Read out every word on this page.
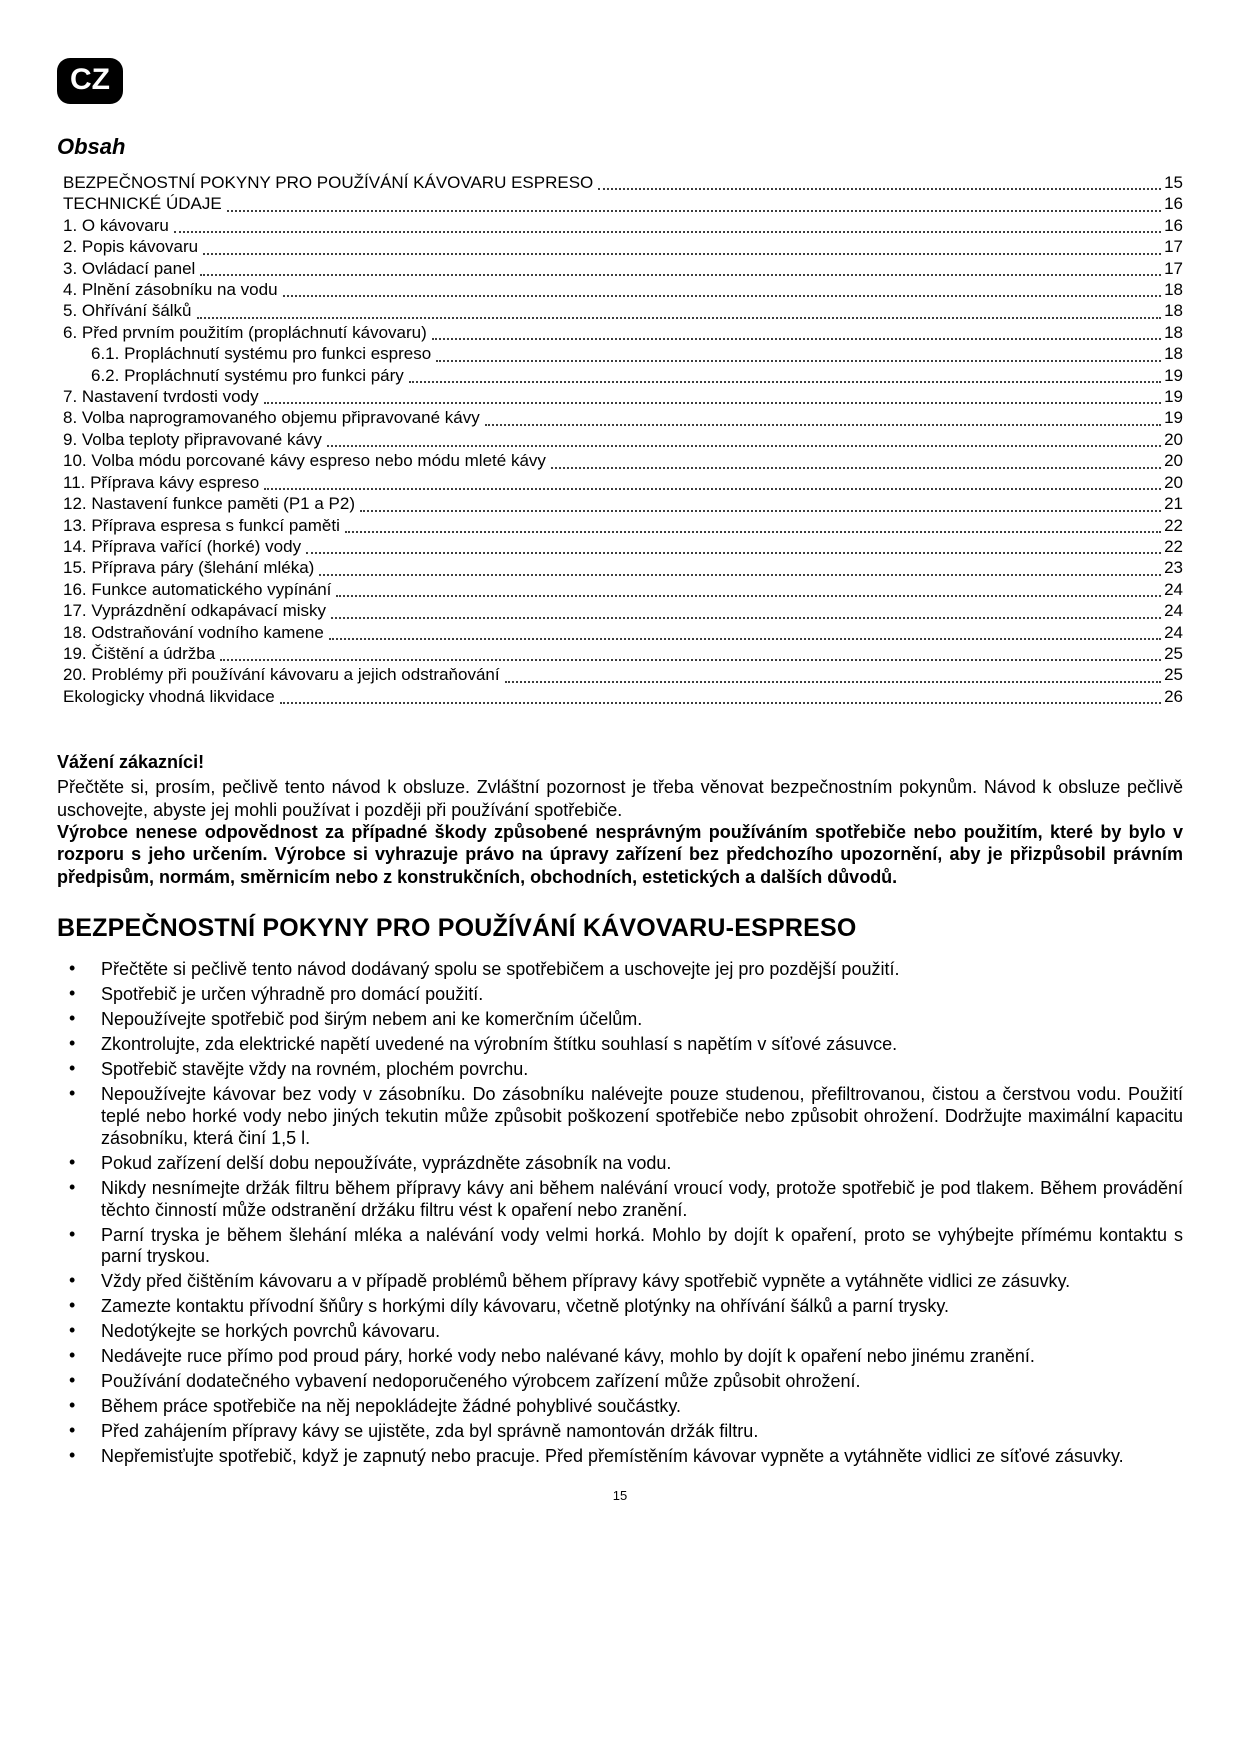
CZ
Obsah
BEZPEČNOSTNÍ POKYNY PRO POUŽÍVÁNÍ KÁVOVARU ESPRESO	15
TECHNICKÉ ÚDAJE	16
1. O kávovaru	16
2. Popis kávovaru	17
3. Ovládací panel	17
4. Plnění zásobníku na vodu	18
5. Ohřívání šálků	18
6. Před prvním použitím (propláchnutí kávovaru)	18
6.1. Propláchnutí systému pro funkci espreso	18
6.2. Propláchnutí systému pro funkci páry	19
7. Nastavení tvrdosti vody	19
8. Volba naprogramovaného objemu připravované kávy	19
9. Volba teploty připravované kávy	20
10. Volba módu porcované kávy espreso nebo módu mleté kávy	20
11. Příprava kávy espreso	20
12. Nastavení funkce paměti (P1 a P2)	21
13. Příprava espresa s funkcí paměti	22
14. Příprava vařící (horké) vody	22
15. Příprava páry (šlehání mléka)	23
16. Funkce automatického vypínání	24
17. Vyprázdnění odkapávací misky	24
18. Odstraňování vodního kamene	24
19. Čištění a údržba	25
20. Problémy při používání kávovaru a jejich odstraňování	25
Ekologicky vhodná likvidace	26

Vážení zákazníci!

Přečtěte si, prosím, pečlivě tento návod k obsluze. Zvláštní pozornost je třeba věnovat bezpečnostním pokynům. Návod k obsluze pečlivě uschovejte, abyste jej mohli používat i později při používání spotřebiče.

Výrobce nenese odpovědnost za případné škody způsobené nesprávným používáním spotřebiče nebo použitím, které by bylo v rozporu s jeho určením. Výrobce si vyhrazuje právo na úpravy zařízení bez předchozího upozornění, aby je přizpůsobil právním předpisům, normám, směrnicím nebo z konstrukčních, obchodních, estetických a dalších důvodů.

BEZPEČNOSTNÍ POKYNY PRO POUŽÍVÁNÍ KÁVOVARU-ESPRESO
• Přečtěte si pečlivě tento návod dodávaný spolu se spotřebičem a uschovejte jej pro pozdější použití.
• Spotřebič je určen výhradně pro domácí použití.
• Nepoužívejte spotřebič pod širým nebem ani ke komerčním účelům.
• Zkontrolujte, zda elektrické napětí uvedené na výrobním štítku souhlasí s napětím v síťové zásuvce.
• Spotřebič stavějte vždy na rovném, plochém povrchu.
• Nepoužívejte kávovar bez vody v zásobníku. Do zásobníku nalévejte pouze studenou, přefiltrovanou, čistou a čerstvou vodu. Použití teplé nebo horké vody nebo jiných tekutin může způsobit poškození spotřebiče nebo způsobit ohrožení. Dodržujte maximální kapacitu zásobníku, která činí 1,5 l.
• Pokud zařízení delší dobu nepoužíváte, vyprázdněte zásobník na vodu.
• Nikdy nesnímejte držák filtru během přípravy kávy ani během nalévání vroucí vody, protože spotřebič je pod tlakem. Během provádění těchto činností může odstranění držáku filtru vést k opaření nebo zranění.
• Parní tryska je během šlehání mléka a nalévání vody velmi horká. Mohlo by dojít k opaření, proto se vyhýbejte přímému kontaktu s parní tryskou.
• Vždy před čištěním kávovaru a v případě problémů během přípravy kávy spotřebič vypněte a vytáhněte vidlici ze zásuvky.
• Zamezte kontaktu přívodní šňůry s horkými díly kávovaru, včetně plotýnky na ohřívání šálků a parní trysky.
• Nedotýkejte se horkých povrchů kávovaru.
• Nedávejte ruce přímo pod proud páry, horké vody nebo nalévané kávy, mohlo by dojít k opaření nebo jinému zranění.
• Používání dodatečného vybavení nedoporučeného výrobcem zařízení může způsobit ohrožení.
• Během práce spotřebiče na něj nepokládejte žádné pohyblivé součástky.
• Před zahájením přípravy kávy se ujistěte, zda byl správně namontován držák filtru.
• Nepřemisťujte spotřebič, když je zapnutý nebo pracuje. Před přemístěním kávovar vypněte a vytáhněte vidlici ze síťové zásuvky.
15
